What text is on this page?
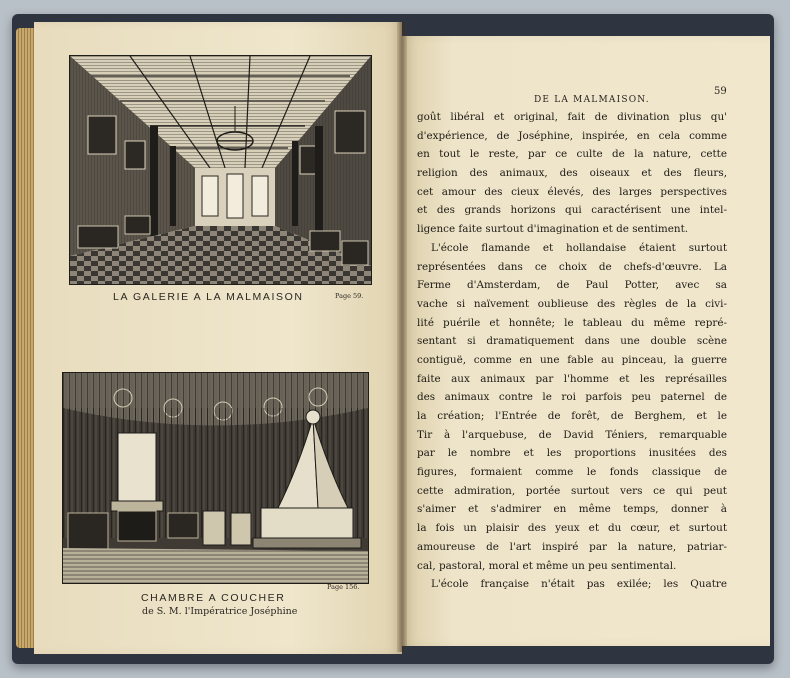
LA GALERIE A LA MALMAISON	Page 59.
Page 156.
CHAMBRE A COUCHER
de S. M. l'Impératrice Joséphine
DE LA MALMAISON.
59
goût libéral et original, fait de divination plus qu'
d'expérience, de Joséphine, inspirée, en cela comme
en tout le reste, par ce culte de la nature, cette
religion des animaux, des oiseaux et des fleurs,
cet amour des cieux élevés, des larges perspectives
et des grands horizons qui caractérisent une intel-
ligence faite surtout d'imagination et de sentiment.
L'école flamande et hollandaise étaient surtout
représentées dans ce choix de chefs-d'œuvre. La
Ferme d'Amsterdam, de Paul Potter, avec sa
vache si naïvement oublieuse des règles de la civi-
lité puérile et honnête; le tableau du même repré-
sentant si dramatiquement dans une double scène
contiguë, comme en une fable au pinceau, la guerre
faite aux animaux par l'homme et les représailles
des animaux contre le roi parfois peu paternel de
la création; l'Entrée de forêt, de Berghem, et le
Tir à l'arquebuse, de David Téniers, remarquable
par le nombre et les proportions inusitées des
figures, formaient comme le fonds classique de
cette admiration, portée surtout vers ce qui peut
s'aimer et s'admirer en même temps, donner à
la fois un plaisir des yeux et du cœur, et surtout
amoureuse de l'art inspiré par la nature, patriar-
cal, pastoral, moral et même un peu sentimental.
L'école française n'était pas exilée; les Quatre
